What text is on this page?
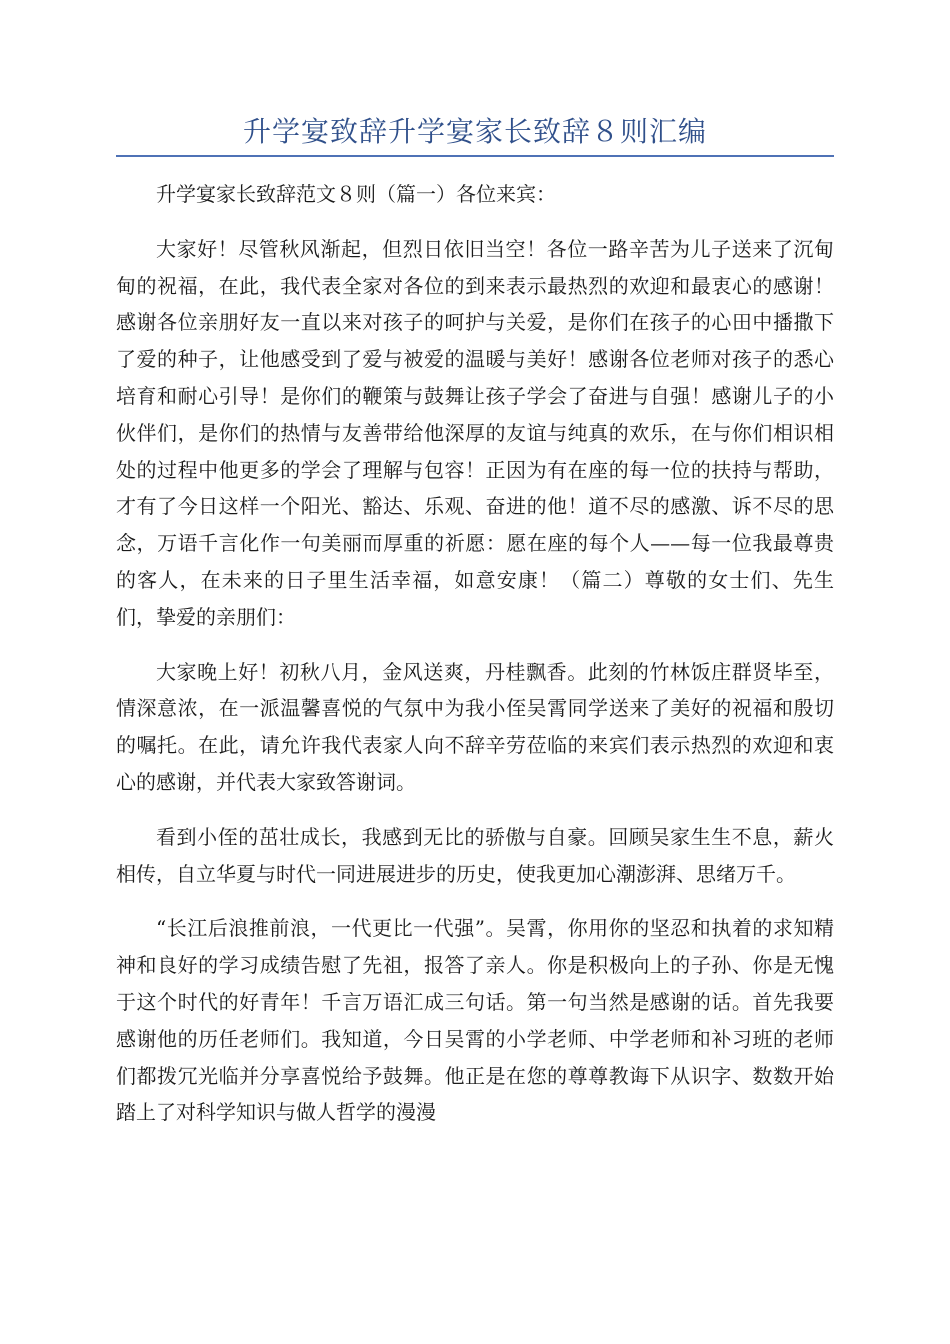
升学宴致辞升学宴家长致辞８则汇编

升学宴家长致辞范文８则（篇一）各位来宾：

大家好！尽管秋风渐起，但烈日依旧当空！各位一路辛苦为儿子送来了沉甸甸的祝福，在此，我代表全家对各位的到来表示最热烈的欢迎和最衷心的感谢！感谢各位亲朋好友一直以来对孩子的呵护与关爱，是你们在孩子的心田中播撒下了爱的种子，让他感受到了爱与被爱的温暖与美好！感谢各位老师对孩子的悉心培育和耐心引导！是你们的鞭策与鼓舞让孩子学会了奋进与自强！感谢儿子的小伙伴们，是你们的热情与友善带给他深厚的友谊与纯真的欢乐，在与你们相识相处的过程中他更多的学会了理解与包容！正因为有在座的每一位的扶持与帮助，才有了今日这样一个阳光、豁达、乐观、奋进的他！道不尽的感激、诉不尽的思念，万语千言化作一句美丽而厚重的祈愿：愿在座的每个人——每一位我最尊贵的客人，在未来的日子里生活幸福，如意安康！（篇二）尊敬的女士们、先生们，挚爱的亲朋们：

大家晚上好！初秋八月，金风送爽，丹桂飘香。此刻的竹林饭庄群贤毕至，情深意浓，在一派温馨喜悦的气氛中为我小侄吴霄同学送来了美好的祝福和殷切的嘱托。在此，请允许我代表家人向不辞辛劳莅临的来宾们表示热烈的欢迎和衷心的感谢，并代表大家致答谢词。

看到小侄的茁壮成长，我感到无比的骄傲与自豪。回顾吴家生生不息，薪火相传，自立华夏与时代一同进展进步的历史，使我更加心潮澎湃、思绪万千。

“长江后浪推前浪，一代更比一代强”。吴霄，你用你的坚忍和执着的求知精神和良好的学习成绩告慰了先祖，报答了亲人。你是积极向上的子孙、你是无愧于这个时代的好青年！千言万语汇成三句话。第一句当然是感谢的话。首先我要感谢他的历任老师们。我知道，今日吴霄的小学老师、中学老师和补习班的老师们都拨冗光临并分享喜悦给予鼓舞。他正是在您的尊尊教诲下从识字、数数开始踏上了对科学知识与做人哲学的漫漫
